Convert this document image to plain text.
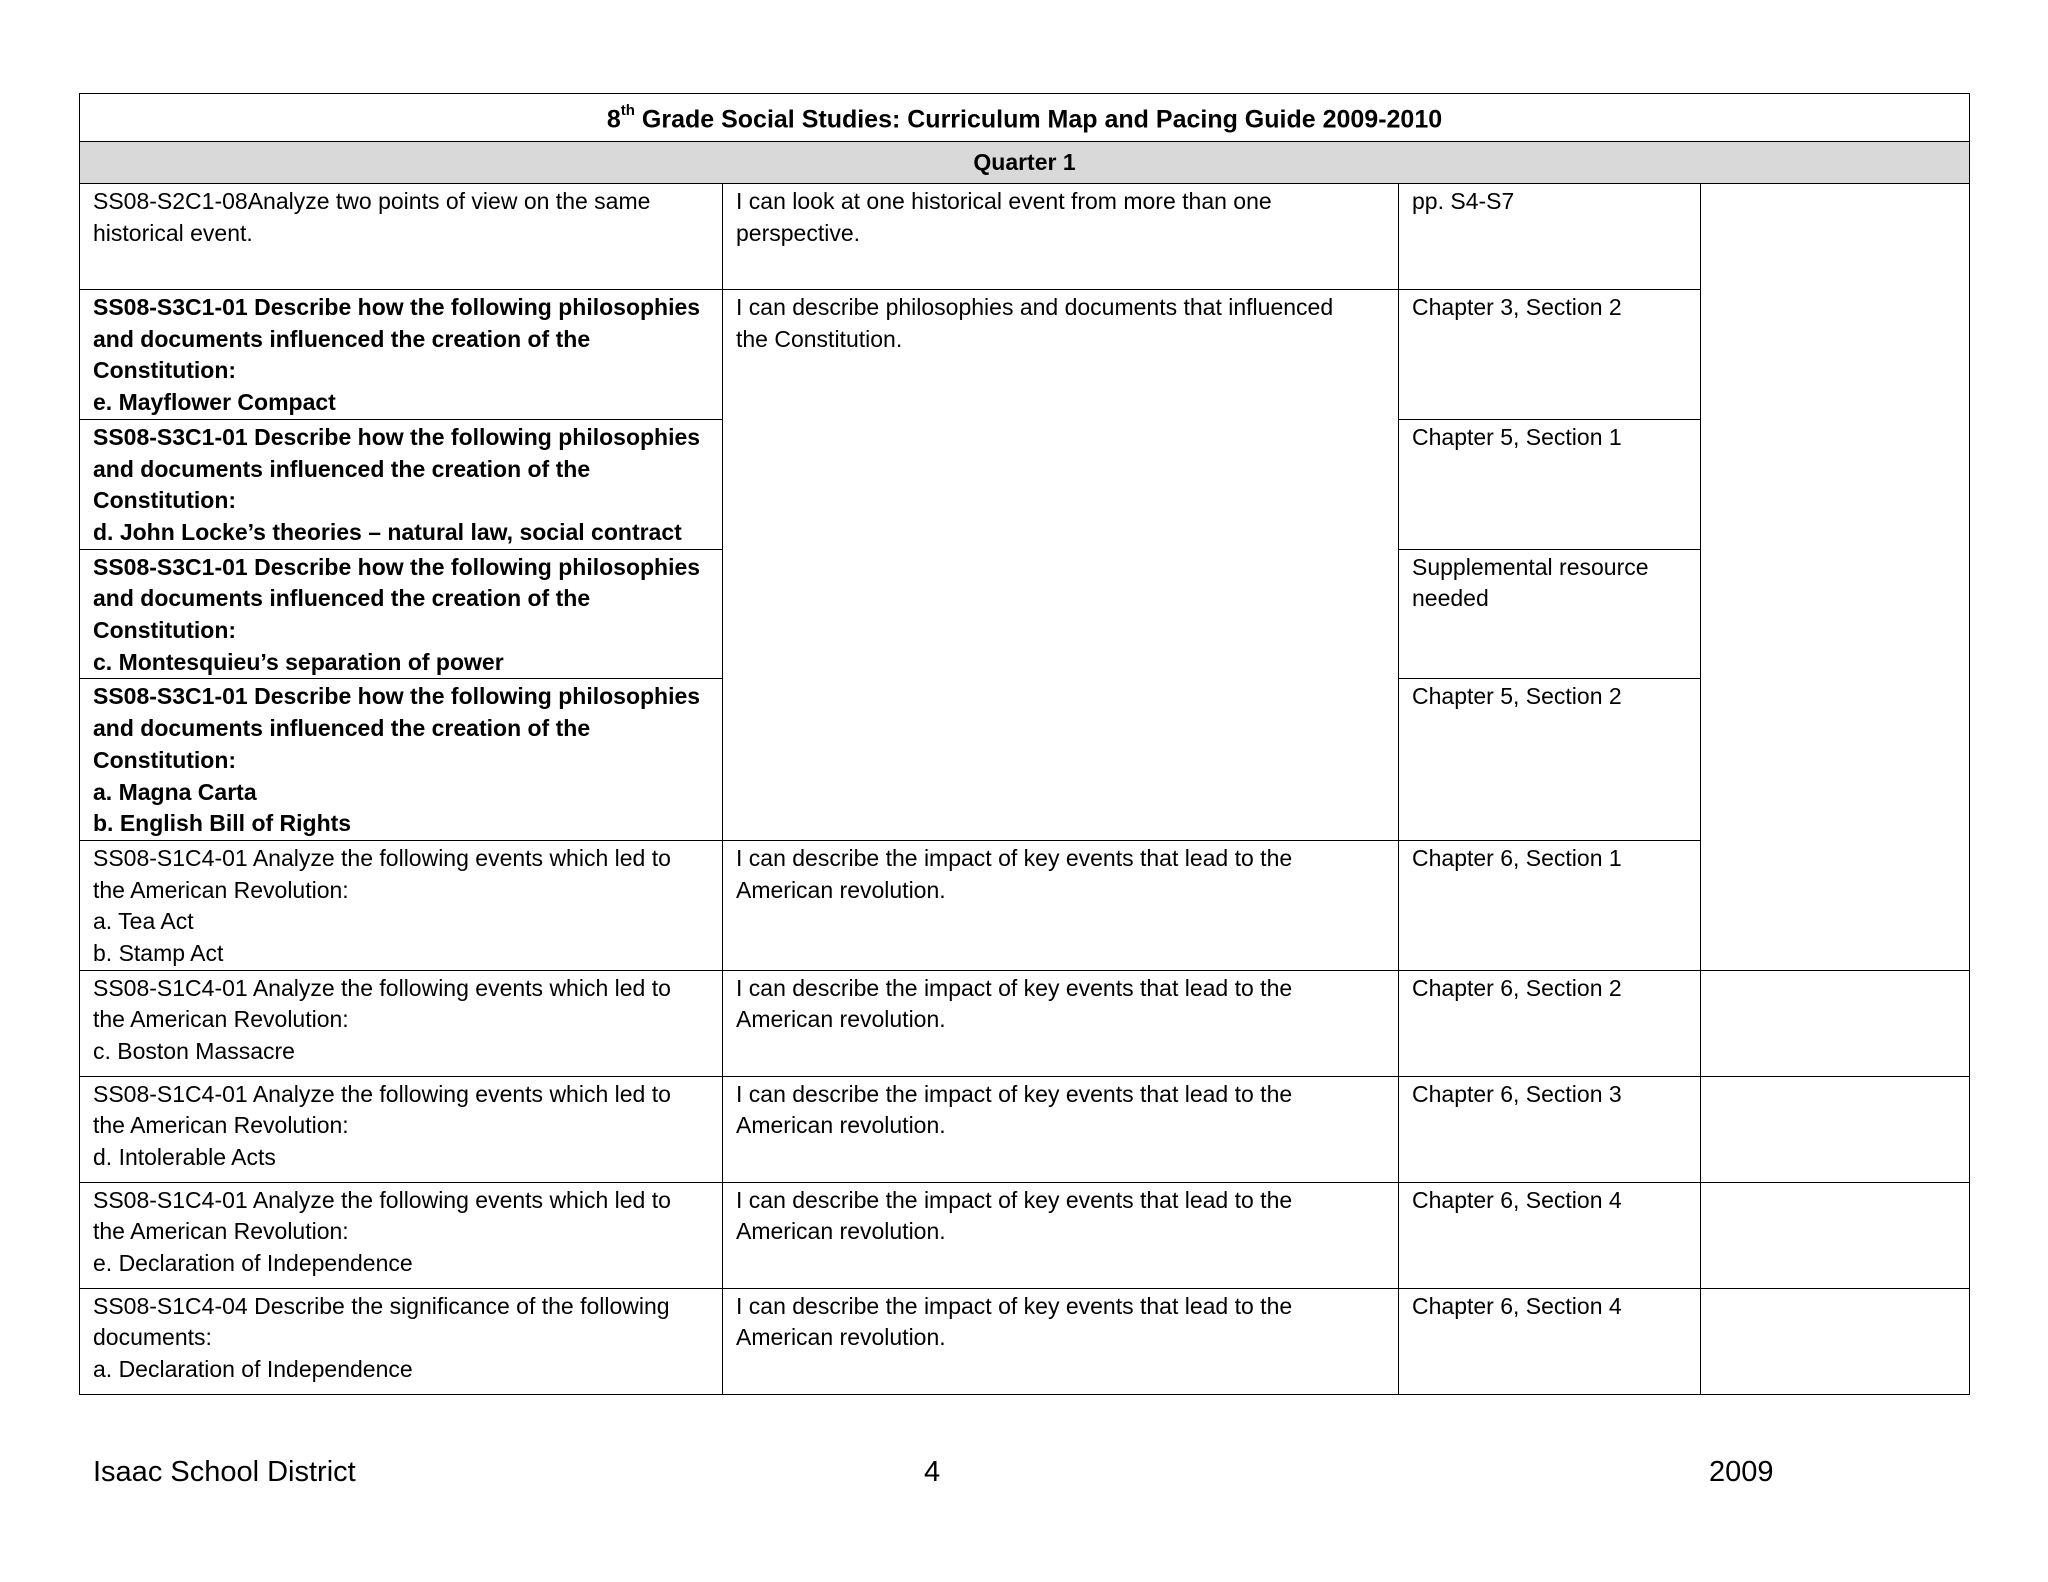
8th Grade Social Studies: Curriculum Map and Pacing Guide 2009-2010			
Quarter 1			

SS08-S2C1-08Analyze two points of view on the same
historical event.	I can look at one historical event from more than one
perspective.	pp. S4-S7	

SS08-S3C1-01 Describe how the following philosophies
and documents influenced the creation of the
Constitution:
e. Mayflower Compact	I can describe philosophies and documents that influenced
the Constitution.	Chapter 3, Section 2	

SS08-S3C1-01 Describe how the following philosophies
and documents influenced the creation of the
Constitution:
d. John Locke’s theories – natural law, social contract		Chapter 5, Section 1	

SS08-S3C1-01 Describe how the following philosophies
and documents influenced the creation of the
Constitution:
c. Montesquieu’s separation of power		Supplemental resource
needed	

SS08-S3C1-01 Describe how the following philosophies
and documents influenced the creation of the
Constitution:
a. Magna Carta
b. English Bill of Rights		Chapter 5, Section 2	

SS08-S1C4-01 Analyze the following events which led to
the American Revolution:
a. Tea Act
b. Stamp Act	I can describe the impact of key events that lead to the
American revolution.	Chapter 6, Section 1	

SS08-S1C4-01 Analyze the following events which led to
the American Revolution:
c. Boston Massacre	I can describe the impact of key events that lead to the
American revolution.	Chapter 6, Section 2	

SS08-S1C4-01 Analyze the following events which led to
the American Revolution:
d. Intolerable Acts	I can describe the impact of key events that lead to the
American revolution.	Chapter 6, Section 3	

SS08-S1C4-01 Analyze the following events which led to
the American Revolution:
e. Declaration of Independence	I can describe the impact of key events that lead to the
American revolution.	Chapter 6, Section 4	

SS08-S1C4-04 Describe the significance of the following
documents:
a. Declaration of Independence	I can describe the impact of key events that lead to the
American revolution.	Chapter 6, Section 4	

Isaac School District	4	2009
